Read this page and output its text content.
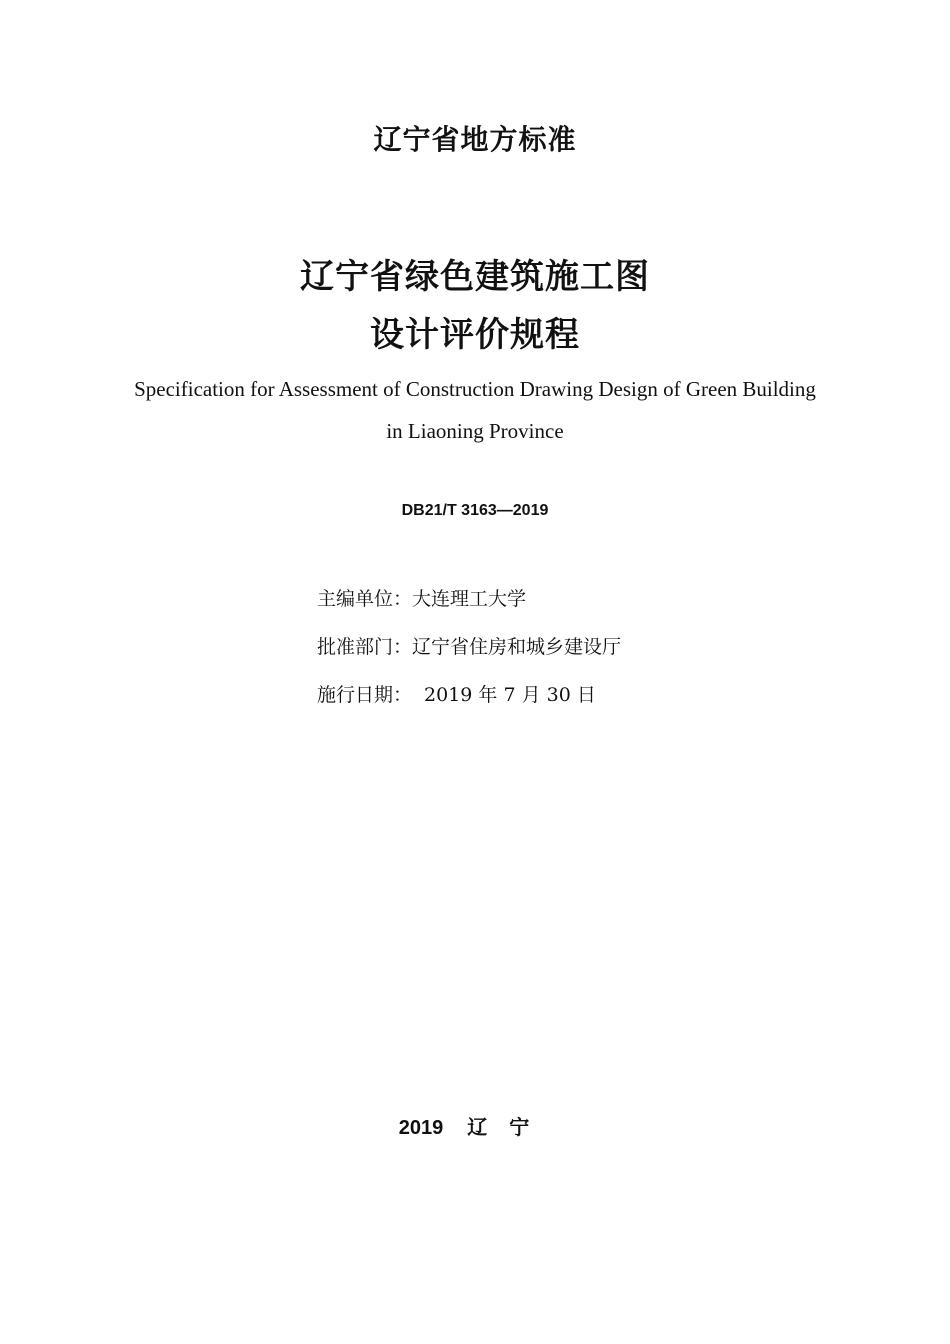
辽宁省地方标准
辽宁省绿色建筑施工图
设计评价规程
Specification for Assessment of Construction Drawing Design of Green Building
in Liaoning Province
DB21/T 3163—2019
主编单位：大连理工大学
批准部门：辽宁省住房和城乡建设厅
施行日期： 2019 年 7 月 30 日
2019 辽宁
